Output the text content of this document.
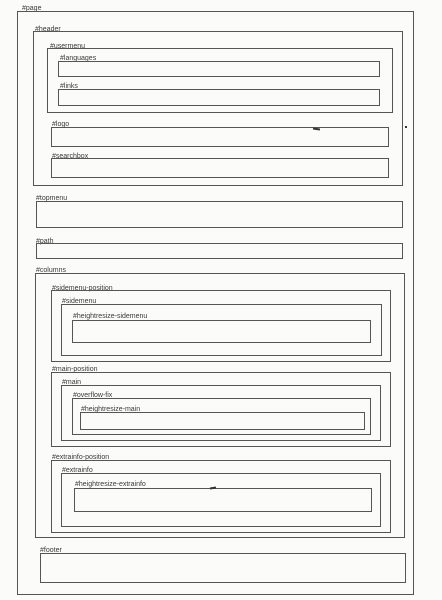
#page
#header
#usermenu
#languages
#links
#logo
#searchbox
#topmenu
#path
#columns
#sidemenu-position
#sidemenu
#heightresize-sidemenu
#main-position
#main
#overflow-fix
#heightresize-main
#extrainfo-position
#extrainfo
#heightresize-extrainfo
#footer
